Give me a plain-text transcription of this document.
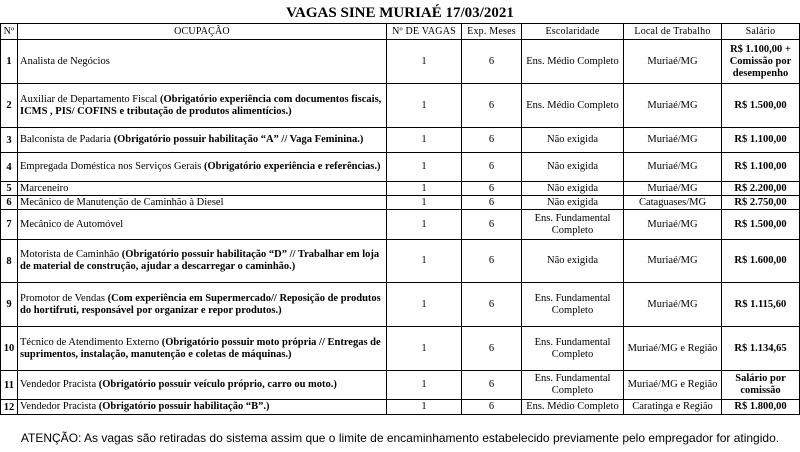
VAGAS SINE MURIAÉ 17/03/2021
Nº	OCUPAÇÃO	Nº DE VAGAS	Exp. Meses	Escolaridade	Local de Trabalho	Salário
1	Analista de Negócios	1	6	Ens. Médio Completo	Muriaé/MG	R$ 1.100,00 + Comissão por desempenho
2	Auxiliar de Departamento Fiscal (Obrigatório experiência com documentos fiscais, ICMS , PIS/ COFINS e tributação de produtos alimentícios.)	1	6	Ens. Médio Completo	Muriaé/MG	R$ 1.500,00
3	Balconista de Padaria (Obrigatório possuir habilitação “A” // Vaga Feminina.)	1	6	Não exigida	Muriaé/MG	R$ 1.100,00
4	Empregada Doméstica nos Serviços Gerais (Obrigatório experiência e referências.)	1	6	Não exigida	Muriaé/MG	R$ 1.100,00
5	Marceneiro	1	6	Não exigida	Muriaé/MG	R$ 2.200,00
6	Mecânico de Manutenção de Caminhão à Diesel	1	6	Não exigida	Cataguases/MG	R$ 2.750,00
7	Mecânico de Automóvel	1	6	Ens. Fundamental Completo	Muriaé/MG	R$ 1.500,00
8	Motorista de Caminhão (Obrigatório possuir habilitação “D” // Trabalhar em loja de material de construção, ajudar a descarregar o caminhão.)	1	6	Não exigida	Muriaé/MG	R$ 1.600,00
9	Promotor de Vendas (Com experiência em Supermercado// Reposição de produtos do hortifruti, responsável por organizar e repor produtos.)	1	6	Ens. Fundamental Completo	Muriaé/MG	R$ 1.115,60
10	Técnico de Atendimento Externo (Obrigatório possuir moto própria // Entregas de suprimentos, instalação, manutenção e coletas de máquinas.)	1	6	Ens. Fundamental Completo	Muriaé/MG e Região	R$ 1.134,65
11	Vendedor Pracista (Obrigatório possuir veículo próprio, carro ou moto.)	1	6	Ens. Fundamental Completo	Muriaé/MG e Região	Salário por comissão
12	Vendedor Pracista (Obrigatório possuir habilitação “B”.)	1	6	Ens. Médio Completo	Caratinga e Região	R$ 1.800,00
ATENÇÃO: As vagas são retiradas do sistema assim que o limite de encaminhamento estabelecido previamente pelo empregador for atingido.
